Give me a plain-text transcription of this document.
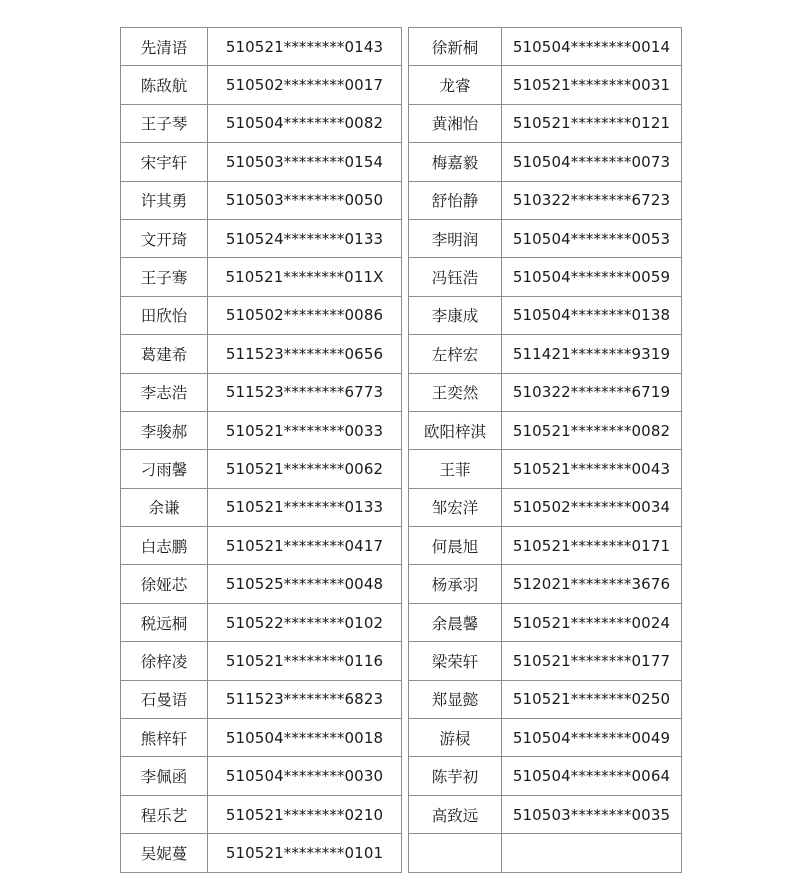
先清语	510521********0143
陈敌航	510502********0017
王子琴	510504********0082
宋宇轩	510503********0154
许其勇	510503********0050
文开琦	510524********0133
王子骞	510521********011X
田欣怡	510502********0086
葛建希	511523********0656
李志浩	511523********6773
李骏郝	510521********0033
刁雨馨	510521********0062
余谦	510521********0133
白志鹏	510521********0417
徐娅芯	510525********0048
税远桐	510522********0102
徐梓凌	510521********0116
石曼语	511523********6823
熊梓轩	510504********0018
李佩函	510504********0030
程乐艺	510521********0210
吴妮蔓	510521********0101
徐新桐	510504********0014
龙睿	510521********0031
黄湘怡	510521********0121
梅嘉毅	510504********0073
舒怡静	510322********6723
李明润	510504********0053
冯钰浩	510504********0059
李康成	510504********0138
左梓宏	511421********9319
王奕然	510322********6719
欧阳梓淇	510521********0082
王菲	510521********0043
邹宏洋	510502********0034
何晨旭	510521********0171
杨承羽	512021********3676
余晨馨	510521********0024
梁荣轩	510521********0177
郑显懿	510521********0250
游棂	510504********0049
陈芋初	510504********0064
高致远	510503********0035
